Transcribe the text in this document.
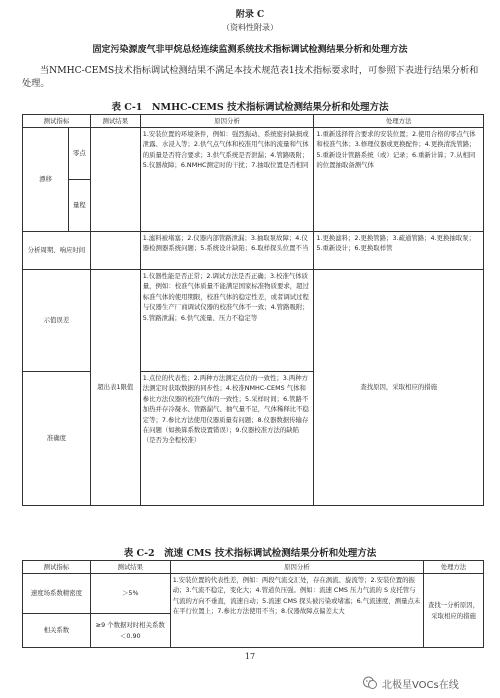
附录 C
（资料性附录）
固定污染源废气非甲烷总烃连续监测系统技术指标调试检测结果分析和处理方法
当NMHC-CEMS技术指标调试检测结果不满足本技术规范表1技术指标要求时，可参照下表进行结果分析和处理。
表 C-1　NMHC-CEMS 技术指标调试检测结果分析和处理方法
测试指标		测试结果	原因分析	处理方法
漂移	零点		1.安装位置的环境条件，例如：强烈振动、系统密封缺损或泄露、水浸入等；2.供气点气体和校准用气体的流量和气体的质量是否符合要求；3.供气系统是否泄漏；4.管路吸附；5.仪器故障；6.NMHC测定时的干扰；7.抽取位置是否相同	1.重新选择符合要求的安装位置；2.使用合格的零点气体和校准气体；3.修理仪器或更换配件；4.更换清洗管路；5.重新设计管路系统（或）记录；6.重新计算；7.从相同的位置抽取备测气体
	量程			
分析周期、响应时间			1.滤料被堵塞；2.仪器内部管路泄漏；3.抽取泵故障；4.仪器检测器系统问题；5.系统设计缺陷；6.取样探头位置不当	1.更换滤料；2.更换管路；3.疏通管路；4.更换抽取泵；5.重新设计；6.更换取样管
示值误差		超出表1限值	1.仪器性能是否正常；2.调试方法是否正确；3.校准气体质量，例如：校准气体质量不能满足国家标准物质要求，超过标准气体的使用期限，校准气体的稳定性差，或者调试过程与仪器生产厂商调试仪器的校准气体不一致；4.管路吸附；5.管路泄漏；6.供气流量、压力不稳定等	查找原因，采取相应的措施
准确度			1.点位的代表性；2.两种方法测定点位的一致性；3.两种方法测定时获取数据的同步性；4.校准NMHC-CEMS 气体和参比方法仪器的校准气体的一致性；5.采样时间；6.管路不加热并存冷凝水、管路漏气、抽气量不足，气体稀释比不稳定等；7.参比方法使用仪器质量有问题；8.仪器数据传输存在问题（如换算系数设置错误）；9.仪器校准方法的缺陷（是否为全程校准）	
表 C-2　流速 CMS 技术指标调试检测结果分析和处理方法
测试指标	测试结果	原因分析	处理方法
速度场系数精密度	＞5%	1.安装位置的代表性差，例如：两段气流交汇处，存在涡流、旋流等；2.安装位置的振动；3.气流不稳定，变化大；4.管道负压强。例如：流速 CMS 压力气流的 S 皮托管与气流的方向不垂直，流速自动；5.流速 CMS 探头被污染或堵塞；6.气流速度，测量点未在平行位置上；7.参比方法使用不当；8.仪器故障点偏差太大	查找一分析原因，采取相应的措施
相关系数	≥9 个数据对时相关系数＜0.90		
17
北极星VOCs在线
